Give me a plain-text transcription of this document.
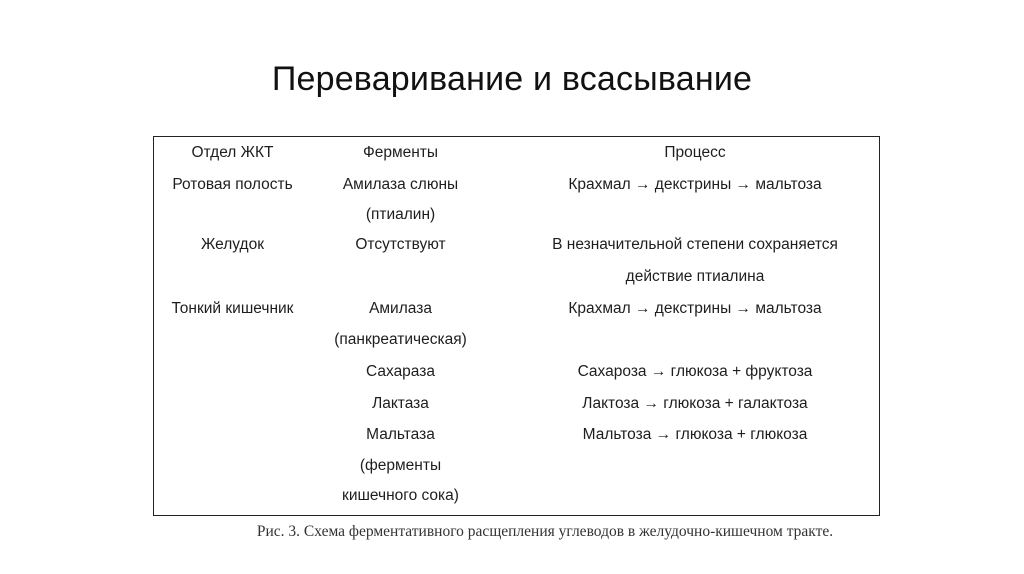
Переваривание и всасывание
Отдел ЖКТ	Ферменты	Процесс
Ротовая полость
Желудок
Тонкий кишечник
Амилаза слюны
(птиалин)
Отсутствуют
Амилаза
(панкреатическая)
Сахараза
Лактаза
Мальтаза
(ферменты
кишечного сока)
Крахмал → декстрины → мальтоза
В незначительной степени сохраняется
действие птиалина
Крахмал → декстрины → мальтоза
Сахароза → глюкоза + фруктоза
Лактоза → глюкоза + галактоза
Мальтоза → глюкоза + глюкоза
Рис. 3. Схема ферментативного расщепления углеводов в желудочно-кишечном тракте.
